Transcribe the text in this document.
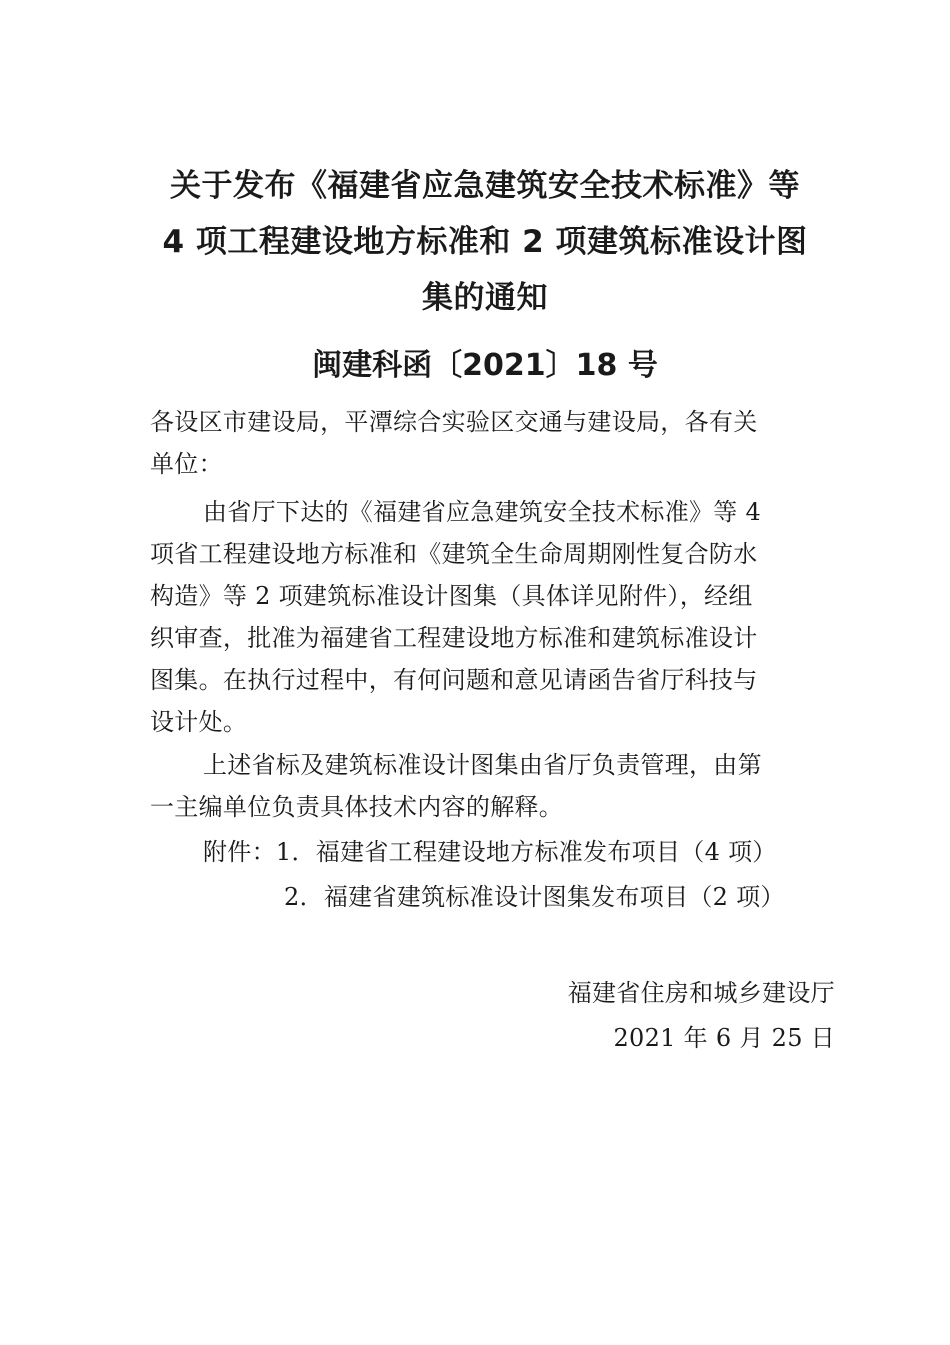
关于发布《福建省应急建筑安全技术标准》等
4 项工程建设地方标准和 2 项建筑标准设计图
集的通知
闽建科函〔2021〕18 号
各设区市建设局，平潭综合实验区交通与建设局，各有关
单位：
由省厅下达的《福建省应急建筑安全技术标准》等 4
项省工程建设地方标准和《建筑全生命周期刚性复合防水
构造》等 2 项建筑标准设计图集（具体详见附件），经组
织审查，批准为福建省工程建设地方标准和建筑标准设计
图集。在执行过程中，有何问题和意见请函告省厅科技与
设计处。
上述省标及建筑标准设计图集由省厅负责管理，由第
一主编单位负责具体技术内容的解释。
附件：1．福建省工程建设地方标准发布项目（4 项）
2．福建省建筑标准设计图集发布项目（2 项）
福建省住房和城乡建设厅
2021 年 6 月 25 日
